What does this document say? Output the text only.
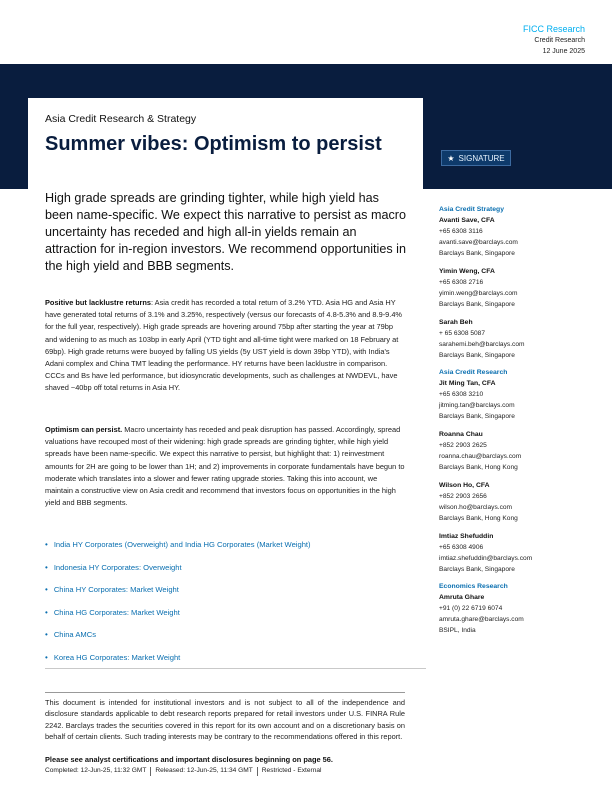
FICC Research
Credit Research
12 June 2025
Asia Credit Research & Strategy
Summer vibes: Optimism to persist
★ SIGNATURE

High grade spreads are grinding tighter, while high yield has been name-specific. We expect this narrative to persist as macro uncertainty has receded and high all-in yields remain an attraction for in-region investors. We recommend opportunities in the high yield and BBB segments.

Positive but lacklustre returns: Asia credit has recorded a total return of 3.2% YTD. Asia HG and Asia HY have generated total returns of 3.1% and 3.25%, respectively (versus our forecasts of 4.8-5.3% and 8.9-9.4% for the full year, respectively). High grade spreads are hovering around 75bp after starting the year at 79bp and widening to as much as 103bp in early April (YTD tight and all-time tight were marked on 18 February at 69bp). High grade returns were buoyed by falling US yields (5y UST yield is down 39bp YTD), with India's Adani complex and China TMT leading the performance. HY returns have been lacklustre in comparison. CCCs and Bs have led performance, but idiosyncratic developments, such as challenges at NWDEVL, have shaved ~40bp off total returns in Asia HY.

Optimism can persist. Macro uncertainty has receded and peak disruption has passed. Accordingly, spread valuations have recouped most of their widening: high grade spreads are grinding tighter, while high yield spreads have been name-specific. We expect this narrative to persist, but highlight that: 1) reinvestment amounts for 2H are going to be lower than 1H; and 2) improvements in corporate fundamentals have begun to moderate which translates into a slower and fewer rating upgrade stories. Taking this into account, we maintain a constructive view on Asia credit and recommend that investors focus on opportunities in the high yield and BBB segments.

• India HY Corporates (Overweight) and India HG Corporates (Market Weight)
• Indonesia HY Corporates: Overweight
• China HY Corporates: Market Weight
• China HG Corporates: Market Weight
• China AMCs
• Korea HG Corporates: Market Weight

This document is intended for institutional investors and is not subject to all of the independence and disclosure standards applicable to debt research reports prepared for retail investors under U.S. FINRA Rule 2242. Barclays trades the securities covered in this report for its own account and on a discretionary basis on behalf of certain clients. Such trading interests may be contrary to the recommendations offered in this report.

Please see analyst certifications and important disclosures beginning on page 56.
Completed: 12-Jun-25, 11:32 GMT Released: 12-Jun-25, 11:34 GMT Restricted - External
Asia Credit Strategy
Avanti Save, CFA
+65 6308 3116
avanti.save@barclays.com
Barclays Bank, Singapore
Yimin Weng, CFA
+65 6308 2716
yimin.weng@barclays.com
Barclays Bank, Singapore
Sarah Beh
+ 65 6308 5087
sarahemi.beh@barclays.com
Barclays Bank, Singapore
Asia Credit Research
Jit Ming Tan, CFA
+65 6308 3210
jitming.tan@barclays.com
Barclays Bank, Singapore
Roanna Chau
+852 2903 2625
roanna.chau@barclays.com
Barclays Bank, Hong Kong
Wilson Ho, CFA
+852 2903 2656
wilson.ho@barclays.com
Barclays Bank, Hong Kong
Imtiaz Shefuddin
+65 6308 4906
imtiaz.shefuddin@barclays.com
Barclays Bank, Singapore
Economics Research
Amruta Ghare
+91 (0) 22 6719 6074
amruta.ghare@barclays.com
BSIPL, India
